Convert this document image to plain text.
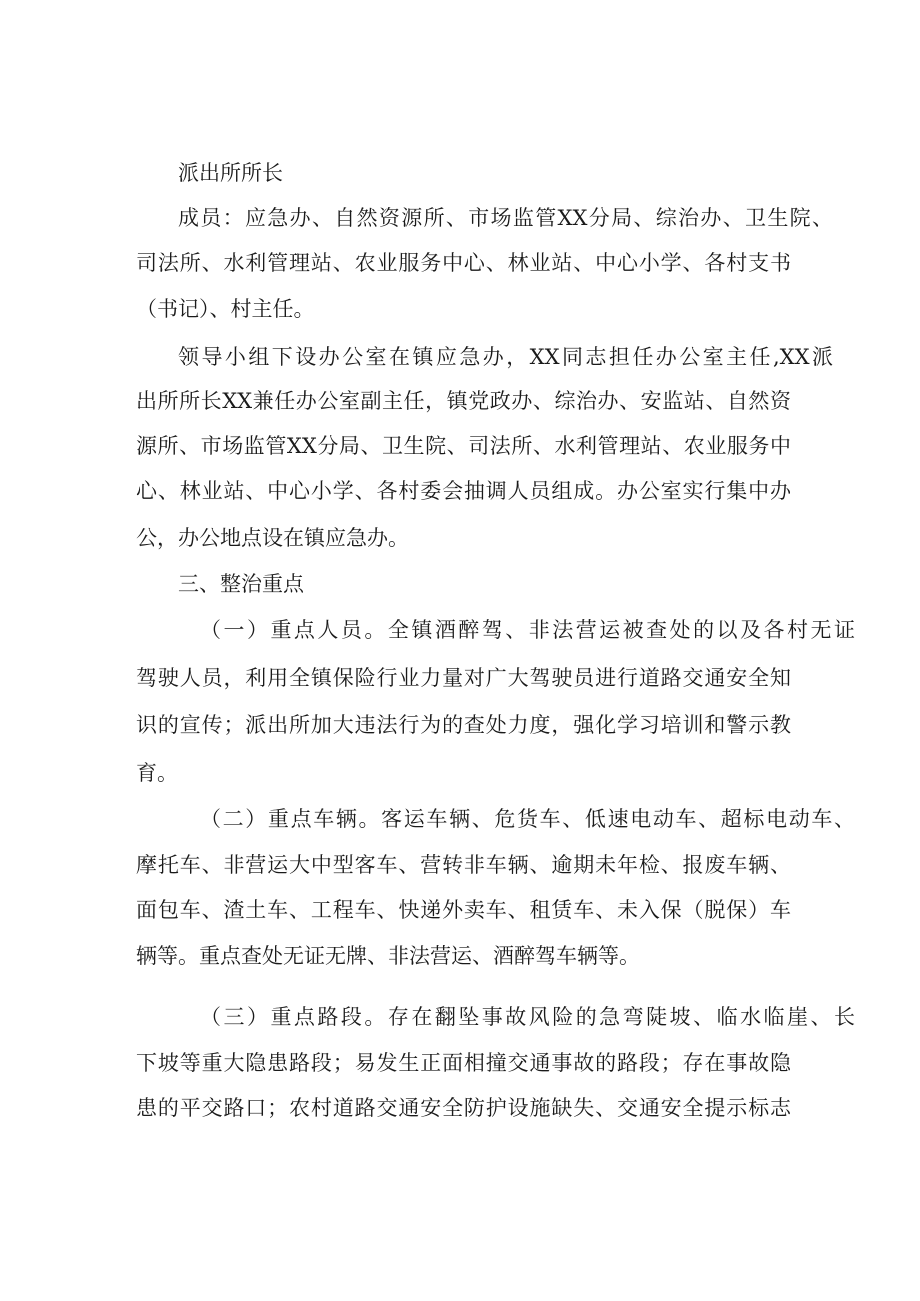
派出所所长
成员：应急办、自然资源所、市场监管XX分局、综治办、卫生院、
司法所、水利管理站、农业服务中心、林业站、中心小学、各村支书
（书记）、村主任。
领导小组下设办公室在镇应急办，XX同志担任办公室主任,XX派
出所所长XX兼任办公室副主任，镇党政办、综治办、安监站、自然资
源所、市场监管XX分局、卫生院、司法所、水利管理站、农业服务中
心、林业站、中心小学、各村委会抽调人员组成。办公室实行集中办
公，办公地点设在镇应急办。
三、整治重点
（一）重点人员。全镇酒醉驾、非法营运被查处的以及各村无证
驾驶人员，利用全镇保险行业力量对广大驾驶员进行道路交通安全知
识的宣传；派出所加大违法行为的查处力度，强化学习培训和警示教
育。
（二）重点车辆。客运车辆、危货车、低速电动车、超标电动车、
摩托车、非营运大中型客车、营转非车辆、逾期未年检、报废车辆、
面包车、渣土车、工程车、快递外卖车、租赁车、未入保（脱保）车
辆等。重点查处无证无牌、非法营运、酒醉驾车辆等。
（三）重点路段。存在翻坠事故风险的急弯陡坡、临水临崖、长
下坡等重大隐患路段；易发生正面相撞交通事故的路段；存在事故隐
患的平交路口；农村道路交通安全防护设施缺失、交通安全提示标志
